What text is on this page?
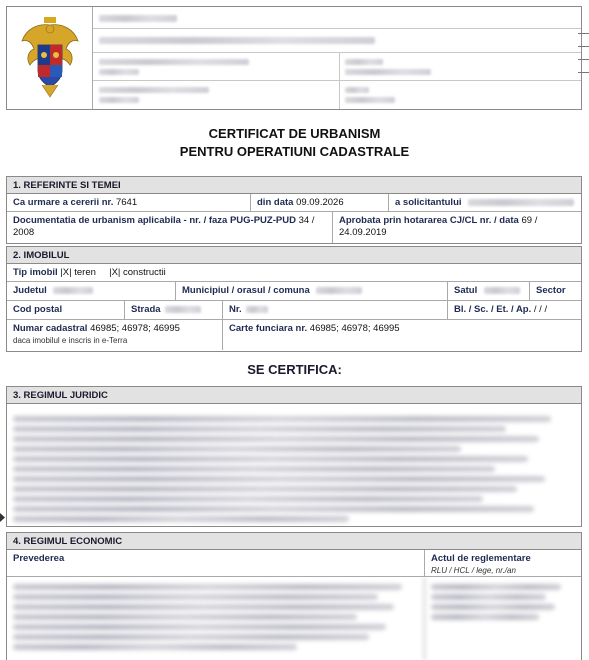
CERTIFICAT DE URBANISM
PENTRU OPERATIUNI CADASTRALE
1. REFERINTE SI TEMEI
Ca urmare a cererii nr. 7641	din data 09.09.2026	a solicitantului
Documentatia de urbanism aplicabila - nr. / faza PUG-PUZ-PUD 34 / 2008
Aprobata prin hotararea CJ/CL nr. / data 69 / 24.09.2019
2. IMOBILUL
Tip imobil |X| teren |X| constructii
Judetul	Municipiul / orasul / comuna	Satul	Sector
Cod postal	Strada	Nr.	Bl. / Sc. / Et. / Ap. / / /
Numar cadastral 46985; 46978; 46995
daca imobilul e inscris in e-Terra
Carte funciara nr. 46985; 46978; 46995
SE CERTIFICA:
3. REGIMUL JURIDIC
4. REGIMUL ECONOMIC
Prevederea	Actul de reglementare
RLU / HCL / lege, nr./an
